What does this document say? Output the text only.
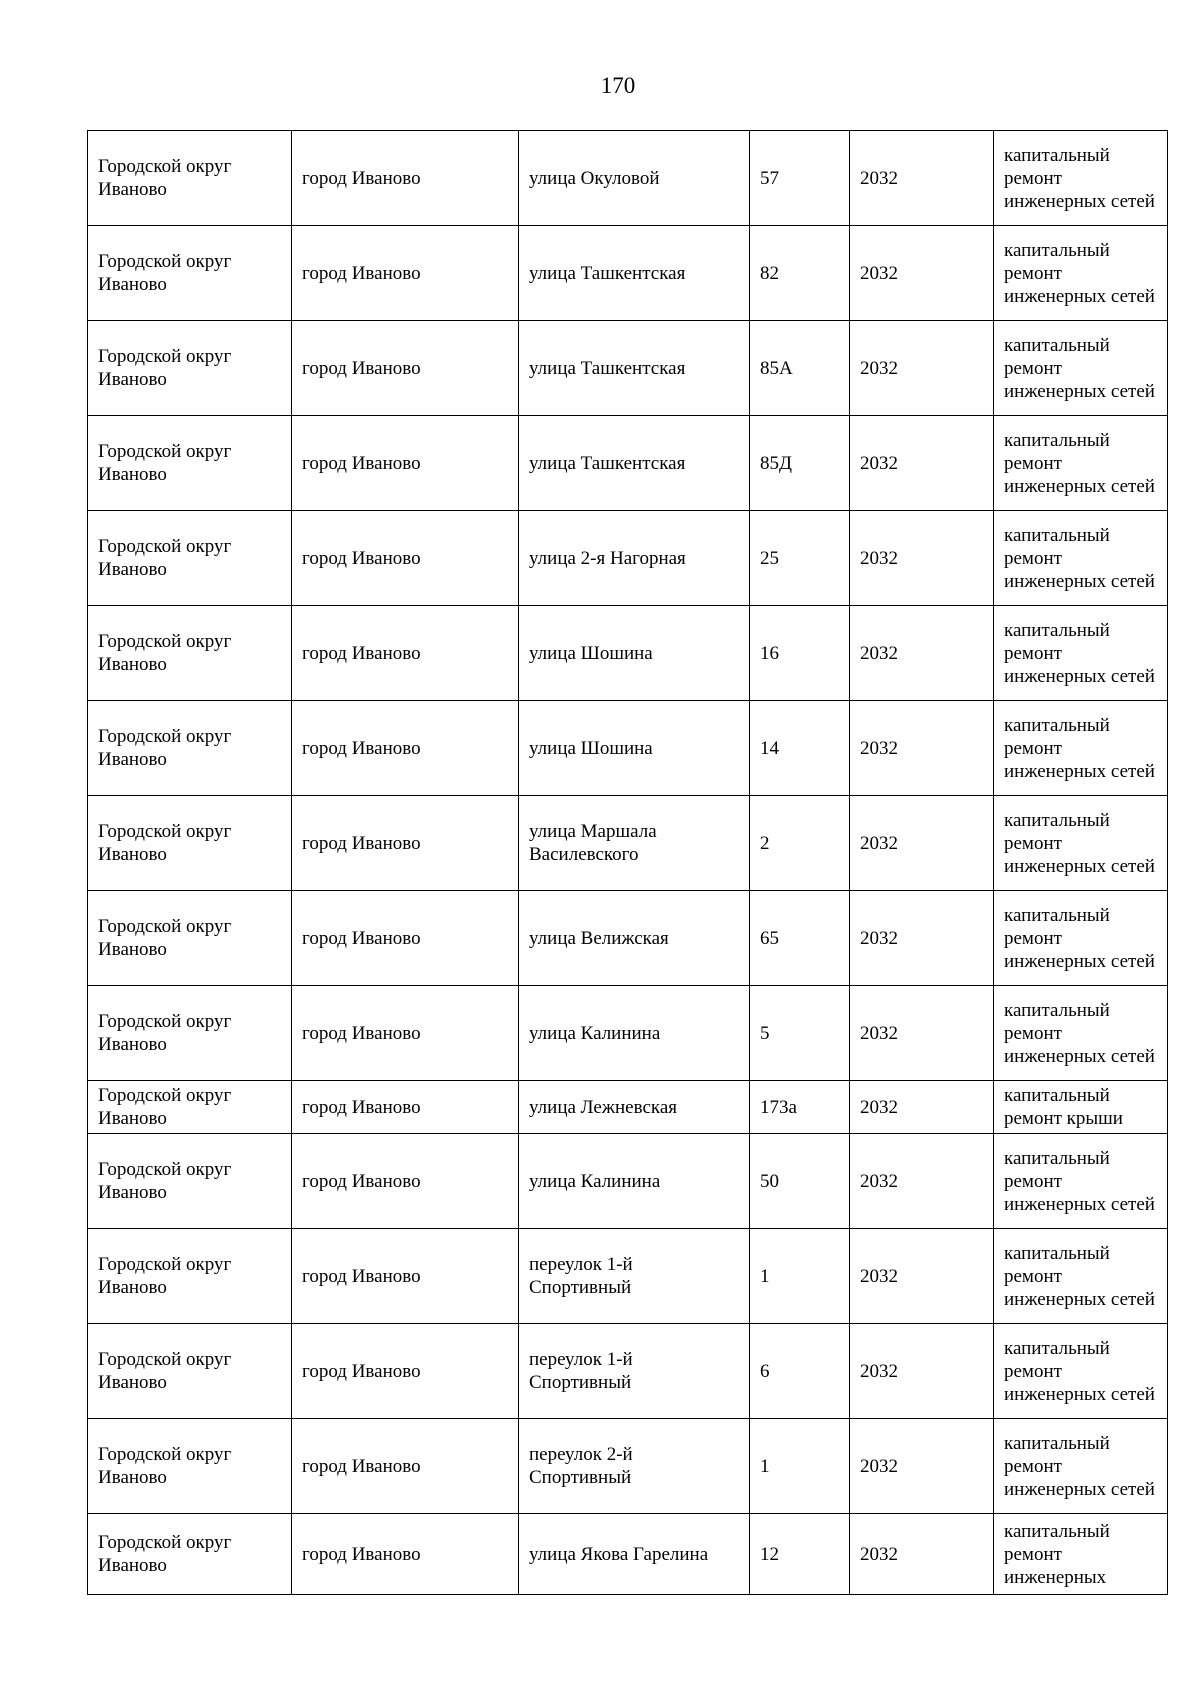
170
Городской округ Иваново	город Иваново	улица Окуловой	57	2032	капитальный ремонт инженерных сетей
Городской округ Иваново	город Иваново	улица Ташкентская	82	2032	капитальный ремонт инженерных сетей
Городской округ Иваново	город Иваново	улица Ташкентская	85А	2032	капитальный ремонт инженерных сетей
Городской округ Иваново	город Иваново	улица Ташкентская	85Д	2032	капитальный ремонт инженерных сетей
Городской округ Иваново	город Иваново	улица 2-я Нагорная	25	2032	капитальный ремонт инженерных сетей
Городской округ Иваново	город Иваново	улица Шошина	16	2032	капитальный ремонт инженерных сетей
Городской округ Иваново	город Иваново	улица Шошина	14	2032	капитальный ремонт инженерных сетей
Городской округ Иваново	город Иваново	улица Маршала Василевского	2	2032	капитальный ремонт инженерных сетей
Городской округ Иваново	город Иваново	улица Велижская	65	2032	капитальный ремонт инженерных сетей
Городской округ Иваново	город Иваново	улица Калинина	5	2032	капитальный ремонт инженерных сетей
Городской округ Иваново	город Иваново	улица Лежневская	173а	2032	капитальный ремонт крыши
Городской округ Иваново	город Иваново	улица Калинина	50	2032	капитальный ремонт инженерных сетей
Городской округ Иваново	город Иваново	переулок 1-й Спортивный	1	2032	капитальный ремонт инженерных сетей
Городской округ Иваново	город Иваново	переулок 1-й Спортивный	6	2032	капитальный ремонт инженерных сетей
Городской округ Иваново	город Иваново	переулок 2-й Спортивный	1	2032	капитальный ремонт инженерных сетей
Городской округ Иваново	город Иваново	улица Якова Гарелина	12	2032	капитальный ремонт инженерных
